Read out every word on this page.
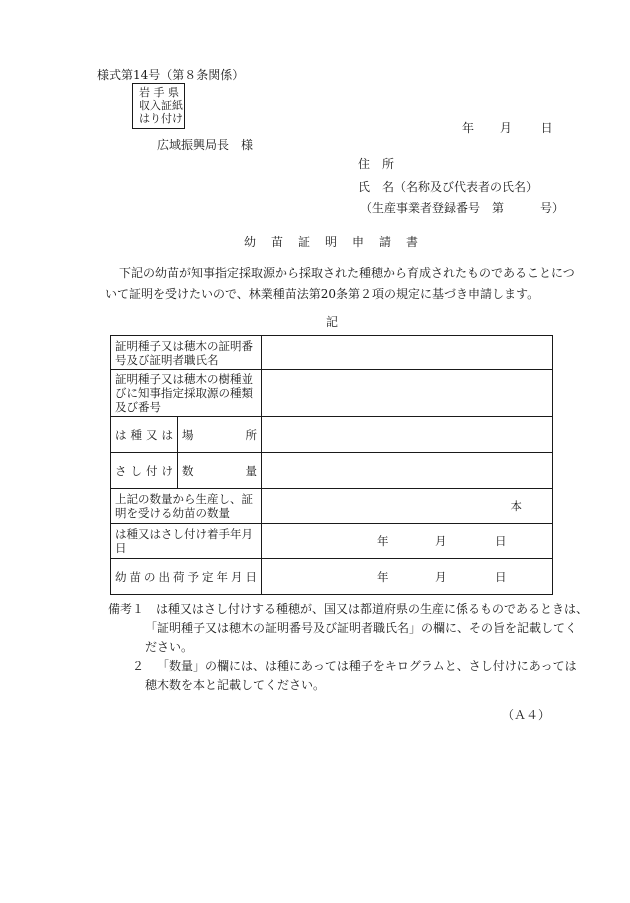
様式第14号（第８条関係）
岩 手 県
収入証紙
はり付け
年 月 日
広域振興局長　様
住　所
氏　名（名称及び代表者の氏名）
（生産事業者登録番号　第　　　号）
幼 苗 証 明 申 請 書
下記の幼苗が知事指定採取源から採取された種穂から育成されたものであることにつ
いて証明を受けたいので、林業種苗法第20条第２項の規定に基づき申請します。
記
証明種子又は穂木の証明番号及び証明者職氏名		
証明種子又は穂木の樹種並びに知事指定採取源の種類及び番号		
は種又は	場　　　所	
さし付け	数　　　量	
上記の数量から生産し、証明を受ける幼苗の数量		本
は種又はさし付け着手年月日		年 月 日

幼苗の出荷予定年月日		年 月 日
備考１ は種又はさし付けする種穂が、国又は都道府県の生産に係るものであるときは、
「証明種子又は穂木の証明番号及び証明者職氏名」の欄に、その旨を記載してく
ださい。
２ 「数量」の欄には、は種にあっては種子をキログラムと、さし付けにあっては
穂木数を本と記載してください。
（Ａ４）
